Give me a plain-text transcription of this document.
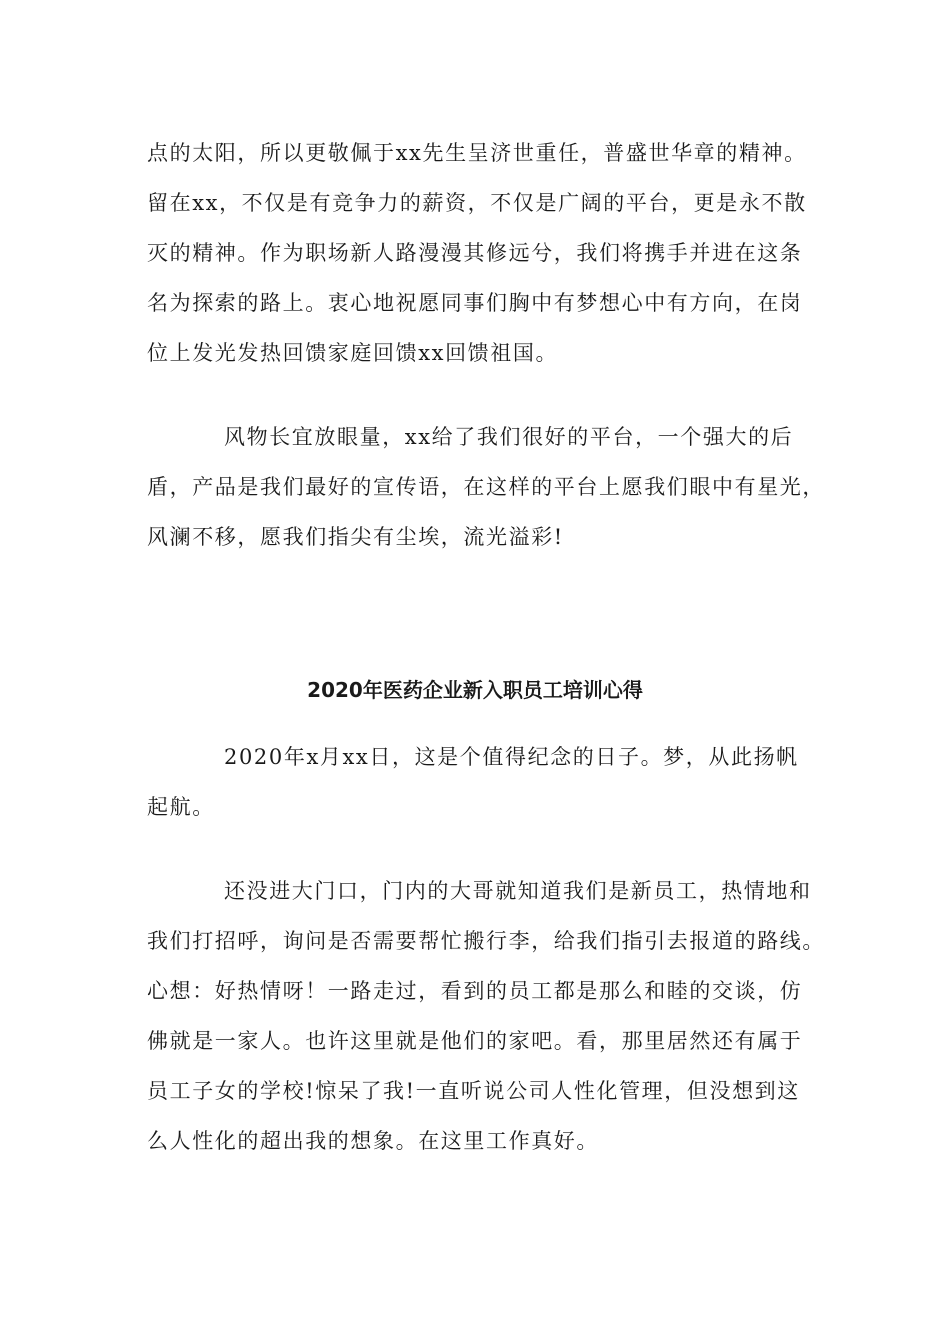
点的太阳，所以更敬佩于xx先生呈济世重任，普盛世华章的精神。
留在xx，不仅是有竞争力的薪资，不仅是广阔的平台，更是永不散
灭的精神。作为职场新人路漫漫其修远兮，我们将携手并进在这条
名为探索的路上。衷心地祝愿同事们胸中有梦想心中有方向，在岗
位上发光发热回馈家庭回馈xx回馈祖国。
风物长宜放眼量，xx给了我们很好的平台，一个强大的后
盾，产品是我们最好的宣传语，在这样的平台上愿我们眼中有星光，
风澜不移，愿我们指尖有尘埃，流光溢彩!
2020年医药企业新入职员工培训心得
2020年x月xx日，这是个值得纪念的日子。梦，从此扬帆
起航。
还没进大门口，门内的大哥就知道我们是新员工，热情地和
我们打招呼，询问是否需要帮忙搬行李，给我们指引去报道的路线。
心想：好热情呀！一路走过，看到的员工都是那么和睦的交谈，仿
佛就是一家人。也许这里就是他们的家吧。看，那里居然还有属于
员工子女的学校!惊呆了我!一直听说公司人性化管理，但没想到这
么人性化的超出我的想象。在这里工作真好。
